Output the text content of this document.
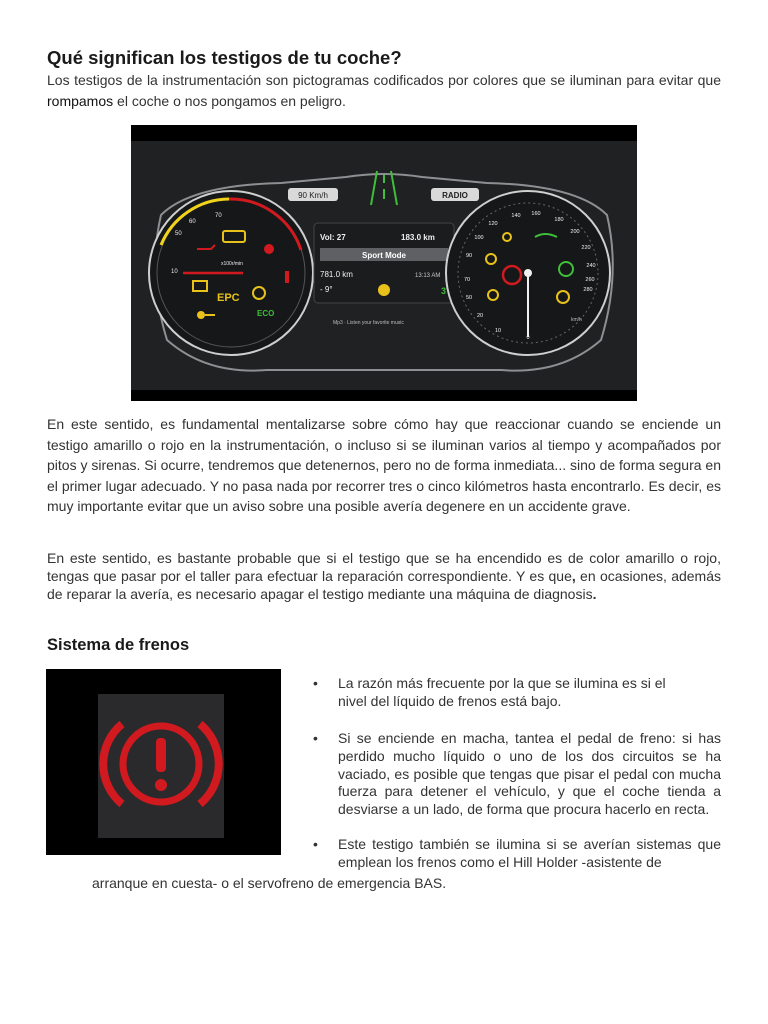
Qué significan los testigos de tu coche?

Los testigos de la instrumentación son pictogramas codificados por colores que se iluminan para evitar que rompamos el coche o nos pongamos en peligro.

En este sentido, es fundamental mentalizarse sobre cómo hay que reaccionar cuando se enciende un testigo amarillo o rojo en la instrumentación, o incluso si se iluminan varios al tiempo y acompañados por pitos y sirenas. Si ocurre, tendremos que detenernos, pero no de forma inmediata... sino de forma segura en el primer lugar adecuado. Y no pasa nada por recorrer tres o cinco kilómetros hasta encontrarlo. Es decir, es muy importante evitar que un aviso sobre una posible avería degenere en un accidente grave.

En este sentido, es bastante probable que si el testigo que se ha encendido es de color amarillo o rojo, tengas que pasar por el taller para efectuar la reparación correspondiente. Y es que, en ocasiones, además de reparar la avería, es necesario apagar el testigo mediante una máquina de diagnosis.

Sistema de frenos
90 Km/h	RADIO
70
60
50
10
x100r/min
EPC
ECO
Vol: 27	183.0 km
Sport Mode
781.0 km	13:13 AM
- 9°	3
Mp3 · Listen your favorite music
0
10
20
50
70
90
100
120
140 160
180
200
220
240
260
280
km/h
• La razón más frecuente por la que se ilumina es si el nivel del líquido de frenos está bajo.

• Si se enciende en macha, tantea el pedal de freno: si has perdido mucho líquido o uno de los dos circuitos se ha vaciado, es posible que tengas que pisar el pedal con mucha fuerza para detener el vehículo, y que el coche tienda a desviarse a un lado, de forma que procura hacerlo en recta.

• Este testigo también se ilumina si se averían sistemas que emplean los frenos como el Hill Holder -asistente de

arranque en cuesta- o el servofreno de emergencia BAS.
